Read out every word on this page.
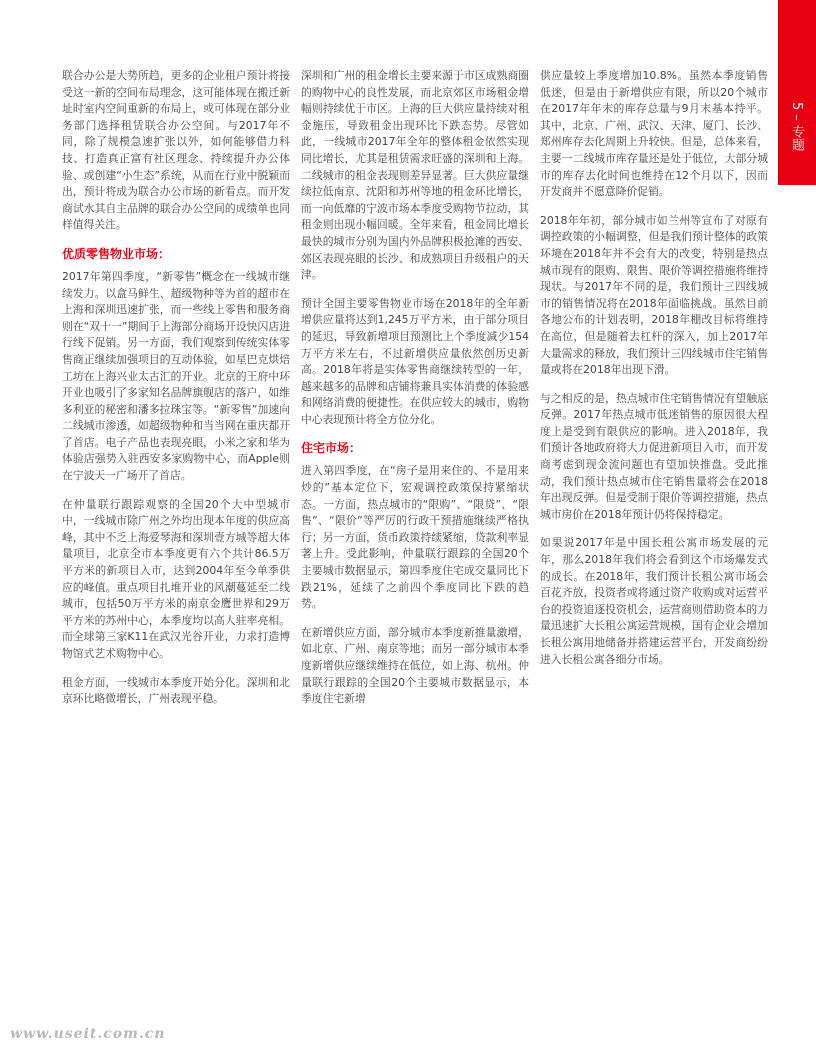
5 – 专题

联合办公是大势所趋，更多的企业租户预计将接受这一新的空间布局理念，这可能体现在搬迁新址时室内空间重新的布局上，或可体现在部分业务部门选择租赁联合办公空间。与2017年不同，除了规模急速扩张以外，如何能够借力科技、打造真正富有社区理念、持续提升办公体验、或创建“小生态”系统，从而在行业中脱颖而出，预计将成为联合办公市场的新看点。而开发商试水其自主品牌的联合办公空间的成绩单也同样值得关注。

优质零售物业市场：

2017年第四季度，“新零售”概念在一线城市继续发力。以盒马鲜生、超级物种等为首的超市在上海和深圳迅速扩张，而一些线上零售和服务商则在“双十一”期间于上海部分商场开设快闪店进行线下促销。另一方面，我们观察到传统实体零售商正继续加强项目的互动体验，如星巴克烘焙工坊在上海兴业太古汇的开业。北京的王府中环开业也吸引了多家知名品牌旗舰店的落户，如维多利亚的秘密和潘多拉珠宝等。“新零售”加速向二线城市渗透，如超级物种和当当网在重庆都开了首店。电子产品也表现亮眼，小米之家和华为体验店强势入驻西安多家购物中心，而Apple则在宁波天一广场开了首店。

在仲量联行跟踪观察的全国20个大中型城市中，一线城市除广州之外均出现本年度的供应高峰，其中不乏上海爱琴海和深圳壹方城等超大体量项目，北京全市本季度更有六个共计86.5万平方米的新项目入市，达到2004年至今单季供应的峰值。重点项目扎堆开业的风潮蔓延至二线城市，包括50万平方米的南京金鹰世界和29万平方米的苏州中心，本季度均以高人驻率亮相。而全球第三家K11在武汉光谷开业，力求打造博物馆式艺术购物中心。

租金方面，一线城市本季度开始分化。深圳和北京环比略微增长，广州表现平稳。

深圳和广州的租金增长主要来源于市区成熟商圈的购物中心的良性发展，而北京郊区市场租金增幅则持续优于市区。上海的巨大供应量持续对租金施压，导致租金出现环比下跌态势。尽管如此，一线城市2017年全年的整体租金依然实现同比增长，尤其是租赁需求旺盛的深圳和上海。二线城市的租金表现则差异显著。巨大供应量继续拉低南京、沈阳和苏州等地的租金环比增长，而一向低靡的宁波市场本季度受购物节拉动，其租金则出现小幅回暖。全年来看，租金同比增长最快的城市分别为国内外品牌积极抢滩的西安、郊区表现亮眼的长沙、和成熟项目升级租户的天津。

预计全国主要零售物业市场在2018年的全年新增供应量将达到1,245万平方米，由于部分项目的延迟，导致新增项目预测比上个季度减少154万平方米左右，不过新增供应量依然创历史新高。2018年将是实体零售商继续转型的一年，越来越多的品牌和店铺将兼具实体消费的体验感和网络消费的便捷性。在供应较大的城市，购物中心表现预计将全方位分化。

住宅市场：

进入第四季度，在“房子是用来住的、不是用来炒的”基本定位下，宏观调控政策保持紧缩状态。一方面，热点城市的“限购”、“限贷”、“限售”、“限价”等严厉的行政干预措施继续严格执行；另一方面，货币政策持续紧缩，贷款利率显著上升。受此影响，仲量联行跟踪的全国20个主要城市数据显示，第四季度住宅成交量同比下跌21%，延续了之前四个季度同比下跌的趋势。

在新增供应方面，部分城市本季度新推量激增，如北京、广州、南京等地；而另一部分城市本季度新增供应继续维持在低位，如上海、杭州。仲量联行跟踪的全国20个主要城市数据显示，本季度住宅新增

供应量较上季度增加10.8%。虽然本季度销售低迷，但是由于新增供应有限，所以20个城市在2017年年末的库存总量与9月末基本持平。其中，北京、广州、武汉、天津、厦门、长沙、郑州库存去化周期上升较快。但是，总体来看，主要一二线城市库存量还是处于低位，大部分城市的库存去化时间也维持在12个月以下，因而开发商并不愿意降价促销。

2018年年初，部分城市如兰州等宣布了对原有调控政策的小幅调整，但是我们预计整体的政策环境在2018年并不会有大的改变，特别是热点城市现有的限购、限售、限价等调控措施将维持现状。与2017年不同的是，我们预计三四线城市的销售情况将在2018年面临挑战。虽然目前各地公布的计划表明，2018年棚改目标将维持在高位，但是随着去杠杆的深入，加上2017年大量需求的释放，我们预计三四线城市住宅销售量或将在2018年出现下滑。

与之相反的是，热点城市住宅销售情况有望触底反弹。2017年热点城市低迷销售的原因很大程度上是受到有限供应的影响。进入2018年，我们预计各地政府将大力促进新项目入市，而开发商考虑到现金流问题也有望加快推盘。受此推动，我们预计热点城市住宅销售量将会在2018年出现反弹。但是受制于限价等调控措施，热点城市房价在2018年预计仍将保持稳定。

如果说2017年是中国长租公寓市场发展的元年，那么2018年我们将会看到这个市场爆发式的成长。在2018年，我们预计长租公寓市场会百花齐放，投资者或将通过资产收购或对运营平台的投资追逐投资机会，运营商则借助资本的力量迅速扩大长租公寓运营规模，国有企业会增加长租公寓用地储备并搭建运营平台，开发商纷纷进入长租公寓各细分市场。

www.useit.com.cn
